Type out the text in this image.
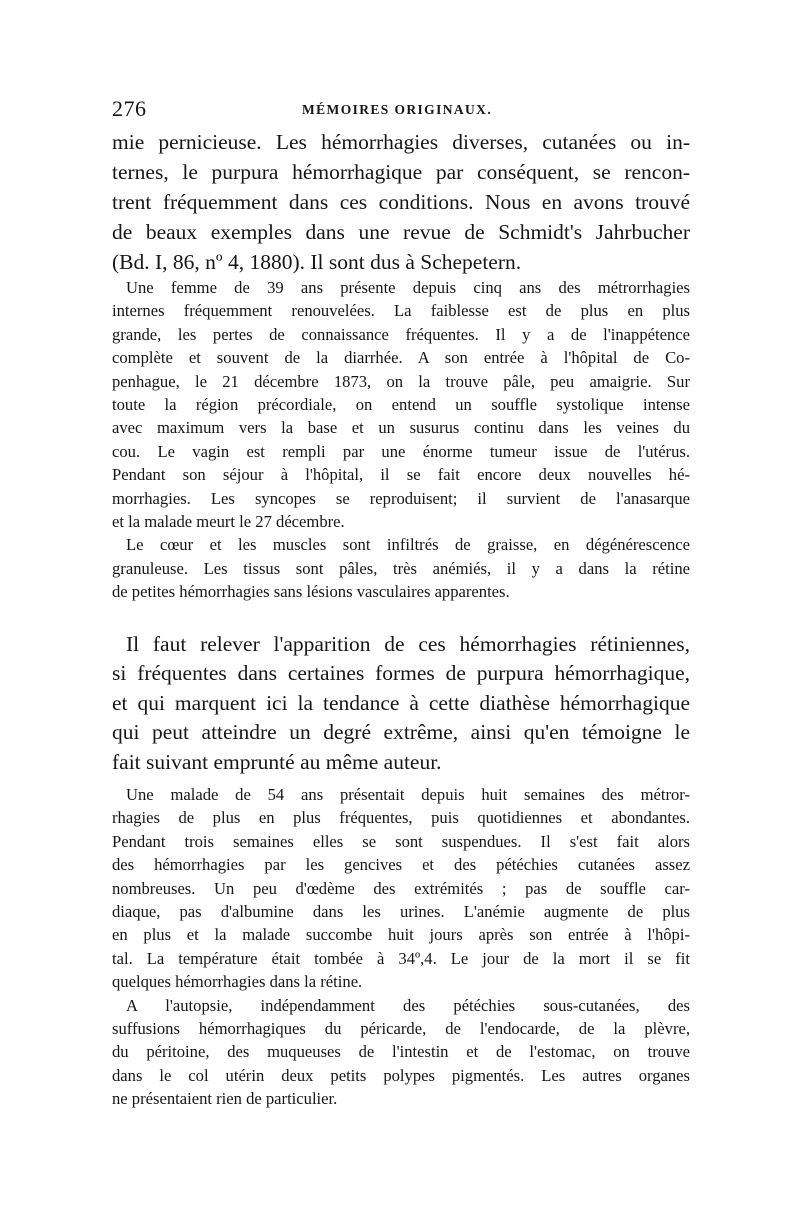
276	MÉMOIRES ORIGINAUX.
mie pernicieuse. Les hémorrhagies diverses, cutanées ou in-
ternes, le purpura hémorrhagique par conséquent, se rencon-
trent fréquemment dans ces conditions. Nous en avons trouvé
de beaux exemples dans une revue de Schmidt's Jahrbucher
(Bd. I, 86, nº 4, 1880). Il sont dus à Schepetern.
Une femme de 39 ans présente depuis cinq ans des métrorrhagies
internes fréquemment renouvelées. La faiblesse est de plus en plus
grande, les pertes de connaissance fréquentes. Il y a de l'inappétence
complète et souvent de la diarrhée. A son entrée à l'hôpital de Co-
penhague, le 21 décembre 1873, on la trouve pâle, peu amaigrie. Sur
toute la région précordiale, on entend un souffle systolique intense
avec maximum vers la base et un susurus continu dans les veines du
cou. Le vagin est rempli par une énorme tumeur issue de l'utérus.
Pendant son séjour à l'hôpital, il se fait encore deux nouvelles hé-
morrhagies. Les syncopes se reproduisent; il survient de l'anasarque
et la malade meurt le 27 décembre.
Le cœur et les muscles sont infiltrés de graisse, en dégénérescence
granuleuse. Les tissus sont pâles, très anémiés, il y a dans la rétine
de petites hémorrhagies sans lésions vasculaires apparentes.
Il faut relever l'apparition de ces hémorrhagies rétiniennes,
si fréquentes dans certaines formes de purpura hémorrhagique,
et qui marquent ici la tendance à cette diathèse hémorrhagique
qui peut atteindre un degré extrême, ainsi qu'en témoigne le
fait suivant emprunté au même auteur.
Une malade de 54 ans présentait depuis huit semaines des métror-
rhagies de plus en plus fréquentes, puis quotidiennes et abondantes.
Pendant trois semaines elles se sont suspendues. Il s'est fait alors
des hémorrhagies par les gencives et des pétéchies cutanées assez
nombreuses. Un peu d'œdème des extrémités ; pas de souffle car-
diaque, pas d'albumine dans les urines. L'anémie augmente de plus
en plus et la malade succombe huit jours après son entrée à l'hôpi-
tal. La température était tombée à 34º,4. Le jour de la mort il se fit
quelques hémorrhagies dans la rétine.
A l'autopsie, indépendamment des pétéchies sous-cutanées, des
suffusions hémorrhagiques du péricarde, de l'endocarde, de la plèvre,
du péritoine, des muqueuses de l'intestin et de l'estomac, on trouve
dans le col utérin deux petits polypes pigmentés. Les autres organes
ne présentaient rien de particulier.
